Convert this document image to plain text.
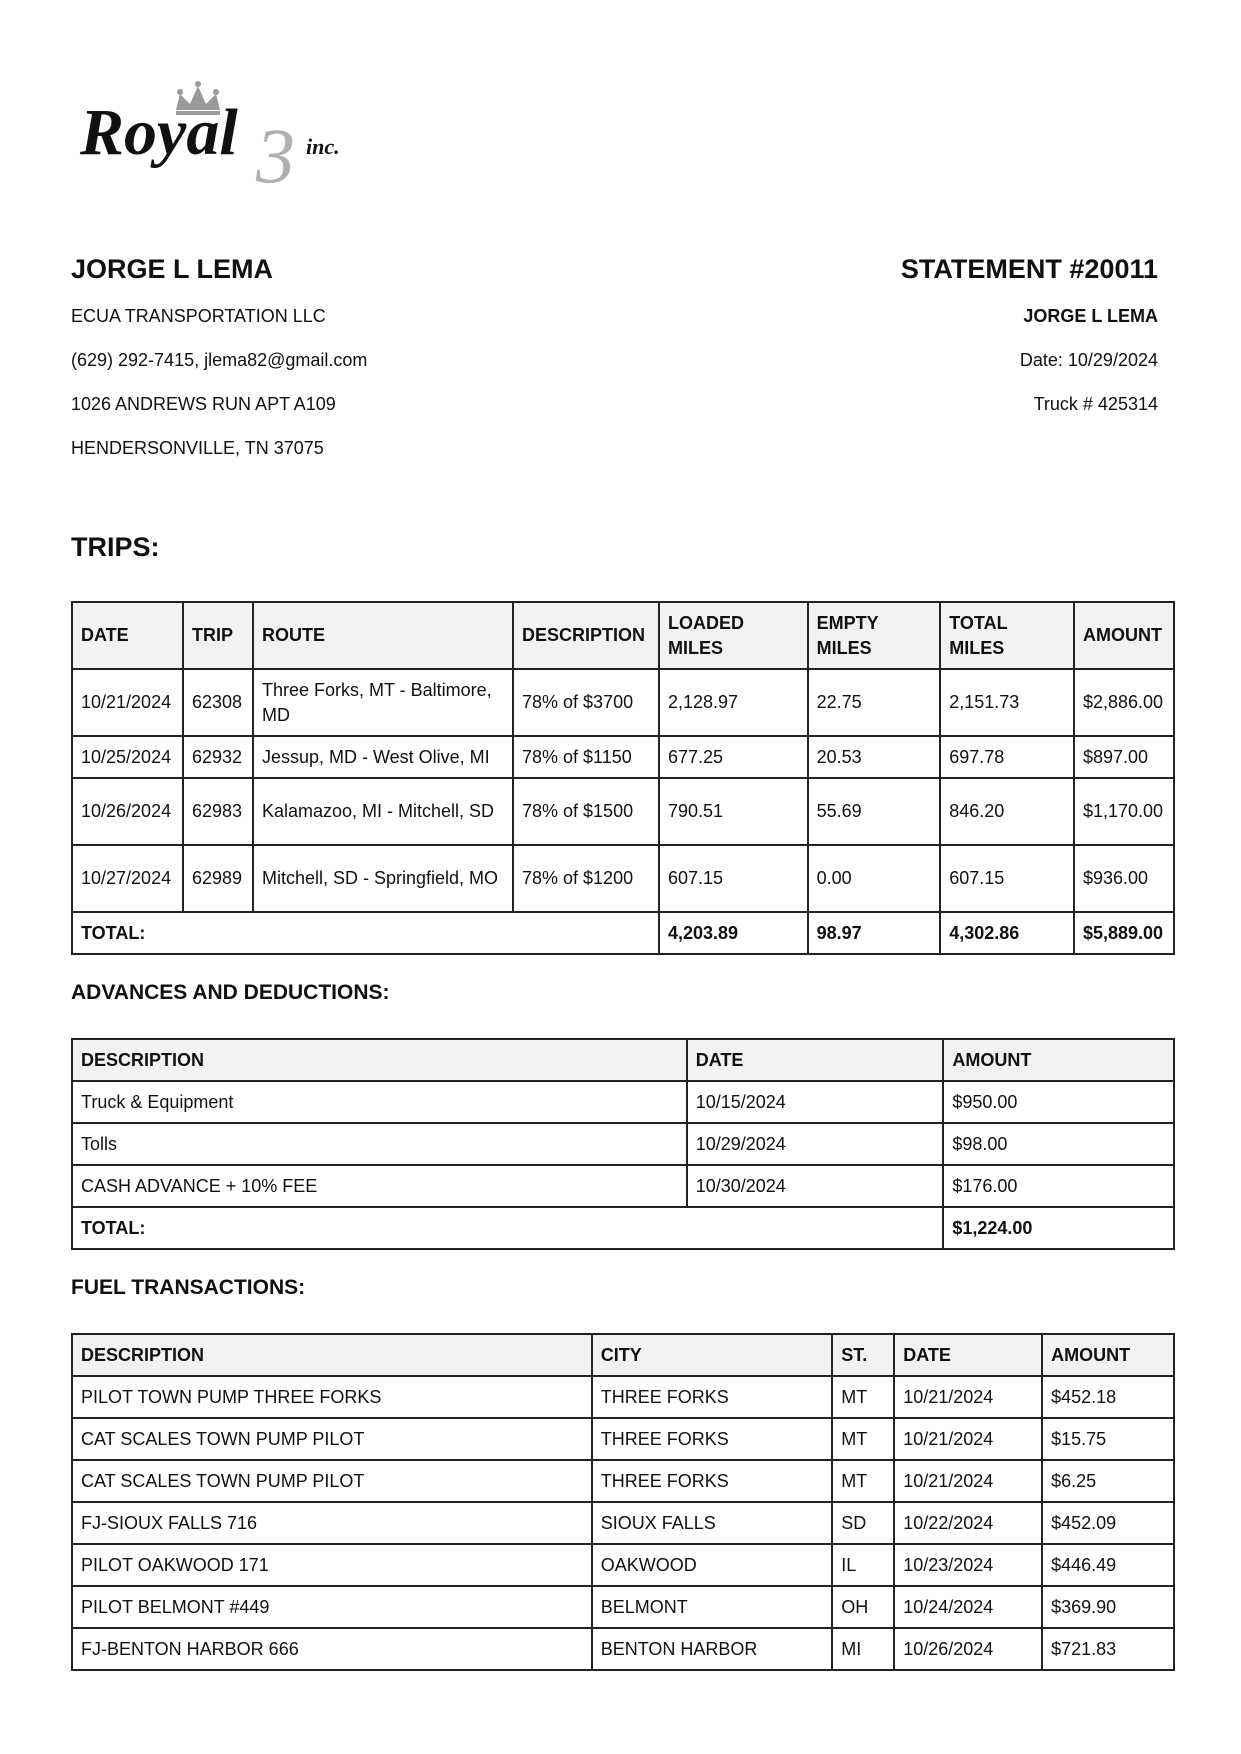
3
Royal	inc.
JORGE L LEMA
ECUA TRANSPORTATION LLC
(629) 292-7415, jlema82@gmail.com
1026 ANDREWS RUN APT A109
HENDERSONVILLE, TN 37075
STATEMENT #20011
JORGE L LEMA
Date: 10/29/2024
Truck # 425314
TRIPS:
DATE	TRIP	ROUTE	DESCRIPTION	LOADED MILES	EMPTY MILES	TOTAL MILES	AMOUNT
10/21/2024	62308	Three Forks, MT - Baltimore, MD	78% of $3700	2,128.97	22.75	2,151.73	$2,886.00
10/25/2024	62932	Jessup, MD - West Olive, MI	78% of $1150	677.25	20.53	697.78	$897.00
10/26/2024	62983	Kalamazoo, MI - Mitchell, SD	78% of $1500	790.51	55.69	846.20	$1,170.00
10/27/2024	62989	Mitchell, SD - Springfield, MO	78% of $1200	607.15	0.00	607.15	$936.00
TOTAL:				4,203.89	98.97	4,302.86	$5,889.00
ADVANCES AND DEDUCTIONS:
DESCRIPTION	DATE	AMOUNT
Truck & Equipment	10/15/2024	$950.00
Tolls	10/29/2024	$98.00
CASH ADVANCE + 10% FEE	10/30/2024	$176.00
TOTAL:		$1,224.00
FUEL TRANSACTIONS:
DESCRIPTION	CITY	ST.	DATE	AMOUNT
PILOT TOWN PUMP THREE FORKS	THREE FORKS	MT	10/21/2024	$452.18
CAT SCALES TOWN PUMP PILOT	THREE FORKS	MT	10/21/2024	$15.75
CAT SCALES TOWN PUMP PILOT	THREE FORKS	MT	10/21/2024	$6.25
FJ-SIOUX FALLS 716	SIOUX FALLS	SD	10/22/2024	$452.09
PILOT OAKWOOD 171	OAKWOOD	IL	10/23/2024	$446.49
PILOT BELMONT #449	BELMONT	OH	10/24/2024	$369.90
FJ-BENTON HARBOR 666	BENTON HARBOR	MI	10/26/2024	$721.83
